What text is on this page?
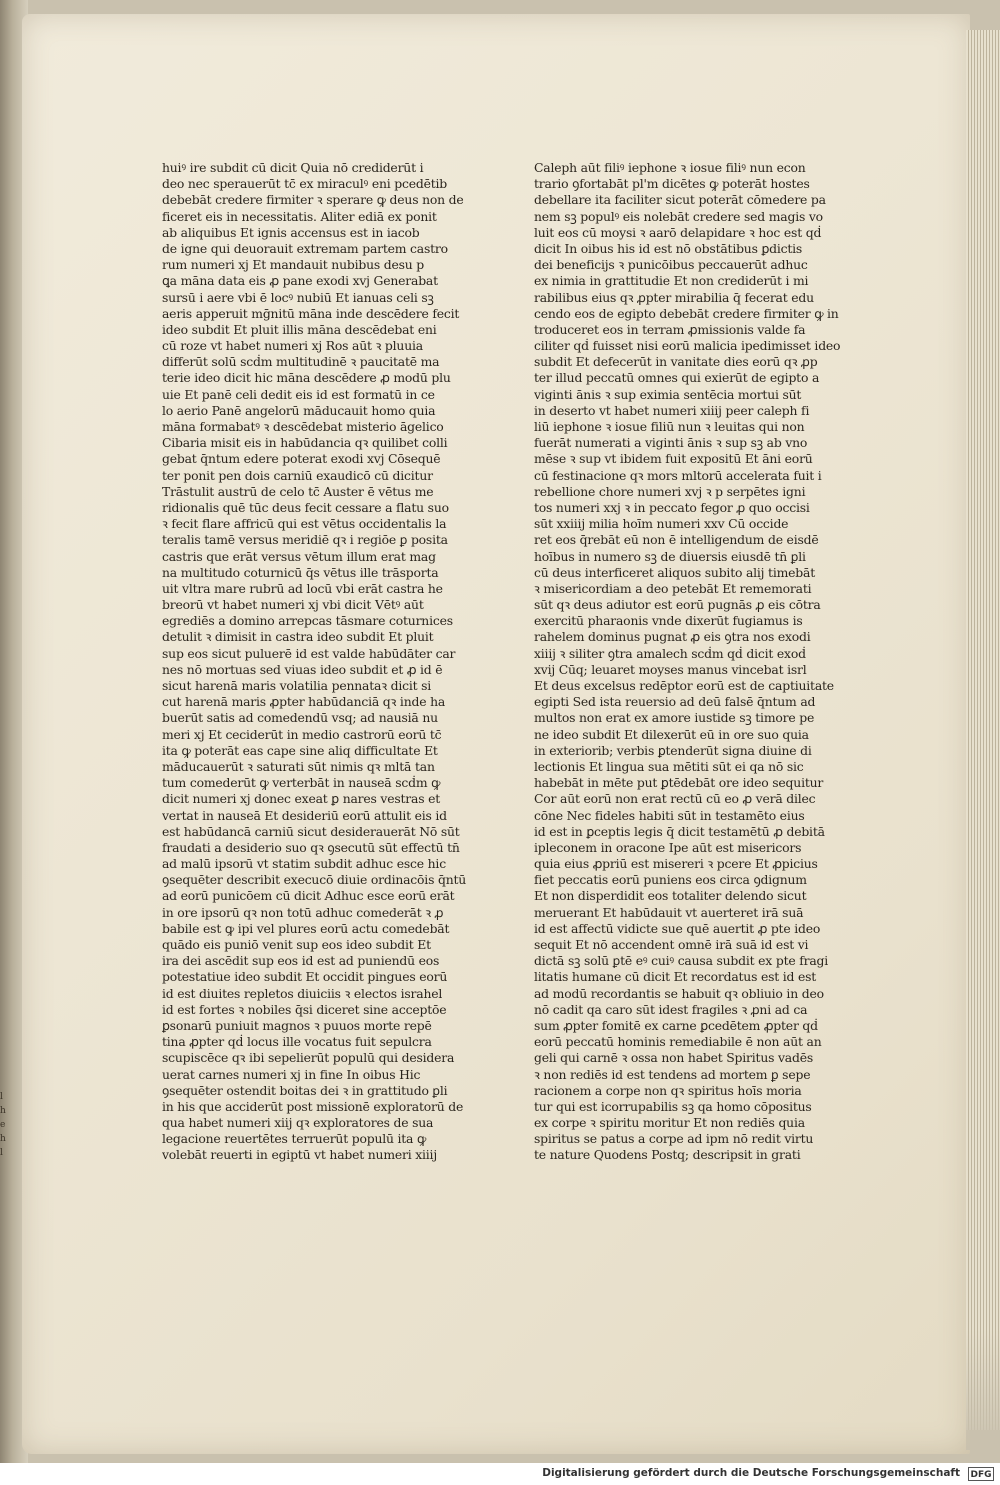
l
h
e
h
l
huiꝰ ire subdit cū dicit Quia nō crediderūt i
deo nec sperauerūt tc̄ ex miraculꝰ eni pcedētib
debebāt credere firmiter ꝛ sperare ꝙ deus non de
ficeret eis in necessitatis. Aliter ediā ex ponit
ab aliquibus Et ignis accensus est in iacob
de igne qui deuorauit extremam partem castro
rum numeri xj Et mandauit nubibus desu p
ꝗa māna data eis ꝓ pane exodi xvj Generabat
sursū i aere vbi ē locꝰ nubiū Et ianuas celi sꝫ
aeris apperuit mḡnitū māna inde descēdere fecit
ideo subdit Et pluit illis māna descēdebat eni
cū roze vt habet numeri xj Ros aūt ꝛ pluuia
differūt solū scḋm multitudinē ꝛ paucitatē ma
terie ideo dicit hic māna descēdere ꝓ modū plu
uie Et panē celi dedit eis id est formatū in ce
lo aerio Panē angelorū māducauit homo quia
māna formabatꝰ ꝛ descēdebat misterio āgelico
Cibaria misit eis in habūdancia qꝛ quilibet colli
gebat q̄ntum edere poterat exodi xvj Cōsequē
ter ponit pen dois carniū exaudicō cū dicitur
Trāstulit austrū de celo tc̄ Auster ē vētus me
ridionalis quē tūc deus fecit cessare a flatu suo
ꝛ fecit flare affricū qui est vētus occidentalis la
teralis tamē versus meridiē qꝛ i regiōe ꝑ posita
castris que erāt versus vētum illum erat mag
na multitudo coturnicū q̄s vētus ille trāsporta
uit vltra mare rubrū ad locū vbi erāt castra he
breorū vt habet numeri xj vbi dicit Vētꝰ aūt
egrediēs a domino arrepcas tāsmare coturnices
detulit ꝛ dimisit in castra ideo subdit Et pluit
sup eos sicut puluerē id est valde habūdāter car
nes nō mortuas sed viuas ideo subdit et ꝓ id ē
sicut harenā maris volatilia pennataꝛ dicit si
cut harenā maris ꝓpter habūdanciā qꝛ inde ha
buerūt satis ad comedendū vsq; ad nausiā nu
meri xj Et ceciderūt in medio castrorū eorū tc̄
ita ꝙ poterāt eas cape sine aliq difficultate Et
māducauerūt ꝛ saturati sūt nimis qꝛ mltā tan
tum comederūt ꝙ verterbāt in nauseā scḋm ꝙ
dicit numeri xj donec exeat ꝑ nares vestras et
vertat in nauseā Et desideriū eorū attulit eis id
est habūdancā carniū sicut desiderauerāt Nō sūt
fraudati a desiderio suo qꝛ ꝯsecutū sūt effectū tn̄
ad malū ipsorū vt statim subdit adhuc esce hic
ꝯsequēter describit execucō diuie ordinacōis q̄ntū
ad eorū punicōem cū dicit Adhuc esce eorū erāt
in ore ipsorū qꝛ non totū adhuc comederāt ꝛ ꝓ
babile est ꝙ ipi vel plures eorū actu comedebāt
quādo eis puniō venit sup eos ideo subdit Et
ira dei ascēdit sup eos id est ad puniendū eos
potestatiue ideo subdit Et occidit pingues eorū
id est diuites repletos diuiciis ꝛ electos israhel
id est fortes ꝛ nobiles q̄si diceret sine acceptōe
ꝑsonarū puniuit magnos ꝛ puuos morte repē
tina ꝓpter qḋ locus ille vocatus fuit sepulcra
scupiscēce qꝛ ibi sepelierūt populū qui desidera
uerat carnes numeri xj in fine In oibus Hic
ꝯsequēter ostendit boitas dei ꝛ in grattitudo ꝑli
in his que acciderūt post missionē exploratorū de
qua habet numeri xiij qꝛ exploratores de sua
legacione reuertētes terruerūt populū ita ꝙ
volebāt reuerti in egiptū vt habet numeri xiiij
Caleph aūt filiꝰ iephone ꝛ iosue filiꝰ nun econ
trario ꝯfortabāt pl'm dicētes ꝙ poterāt hostes
debellare ita faciliter sicut poterāt cōmedere pa
nem sꝫ populꝰ eis nolebāt credere sed magis vo
luit eos cū moysi ꝛ aarō delapidare ꝛ hoc est qḋ
dicit In oibus his id est nō obstātibus ꝑdictis
dei beneficijs ꝛ punicōibus peccauerūt adhuc
ex nimia in grattitudie Et non crediderūt i mi
rabilibus eius qꝛ ꝓpter mirabilia q̄ fecerat edu
cendo eos de egipto debebāt credere firmiter ꝙ in
troduceret eos in terram ꝓmissionis valde fa
ciliter qḋ fuisset nisi eorū malicia ipedimisset ideo
subdit Et defecerūt in vanitate dies eorū qꝛ ꝓp
ter illud peccatū omnes qui exierūt de egipto a
viginti ānis ꝛ sup eximia sentēcia mortui sūt
in deserto vt habet numeri xiiij peer caleph fi
liū iephone ꝛ iosue filiū nun ꝛ leuitas qui non
fuerāt numerati a viginti ānis ꝛ sup sꝫ ab vno
mēse ꝛ sup vt ibidem fuit expositū Et āni eorū
cū festinacione qꝛ mors mltorū accelerata fuit i
rebellione chore numeri xvj ꝛ p serpētes igni
tos numeri xxj ꝛ in peccato fegor ꝓ quo occisi
sūt xxiiij milia hoīm numeri xxv Cū occide
ret eos q̄rebāt eū non ē intelligendum de eisdē
hoībus in numero sꝫ de diuersis eiusdē tn̄ ꝑli
cū deus interficeret aliquos subito alij timebāt
ꝛ misericordiam a deo petebāt Et rememorati
sūt qꝛ deus adiutor est eorū pugnās ꝓ eis cōtra
exercitū pharaonis vnde dixerūt fugiamus is
rahelem dominus pugnat ꝓ eis ꝯtra nos exodi
xiiij ꝛ siliter ꝯtra amalech scḋm qḋ dicit exoḋ
xvij Cūq; leuaret moyses manus vincebat isrl
Et deus excelsus redēptor eorū est de captiuitate
egipti Sed ista reuersio ad deū falsē q̄ntum ad
multos non erat ex amore iustide sꝫ timore pe
ne ideo subdit Et dilexerūt eū in ore suo quia
in exteriorib; verbis ꝑtenderūt signa diuine di
lectionis Et lingua sua mētiti sūt ei qa nō sic
habebāt in mēte put ꝑtēdebāt ore ideo sequitur
Cor aūt eorū non erat rectū cū eo ꝓ verā dilec
cōne Nec fideles habiti sūt in testamēto eius
id est in ꝑceptis legis q̄ dicit testamētū ꝓ debitā
ipleconem in oracone Ipe aūt est misericors
quia eius ꝓpriū est misereri ꝛ pcere Et ꝓpicius
fiet peccatis eorū puniens eos circa ꝯdignum
Et non disperdidit eos totaliter delendo sicut
meruerant Et habūdauit vt auerteret irā suā
id est affectū vidicte sue quē auertit ꝓ pte ideo
sequit Et nō accendent omnē irā suā id est vi
dictā sꝫ solū ꝑtē eꝰ cuiꝰ causa subdit ex pte fragi
litatis humane cū dicit Et recordatus est id est
ad modū recordantis se habuit qꝛ obliuio in deo
nō cadit qa caro sūt idest fragiles ꝛ ꝓni ad ca
sum ꝓpter fomitē ex carne ꝑcedētem ꝓpter qḋ
eorū peccatū hominis remediabile ē non aūt an
geli qui carnē ꝛ ossa non habet Spiritus vadēs
ꝛ non rediēs id est tendens ad mortem ꝑ sepe
racionem a corpe non qꝛ spiritus hoīs moria
tur qui est icorrupabilis sꝫ qa homo cōpositus
ex corpe ꝛ spiritu moritur Et non rediēs quia
spiritus se patus a corpe ad ipm nō redit virtu
te nature Quodens Postq; descripsit in grati
Digitalisierung gefördert durch die Deutsche Forschungsgemeinschaft DFG
